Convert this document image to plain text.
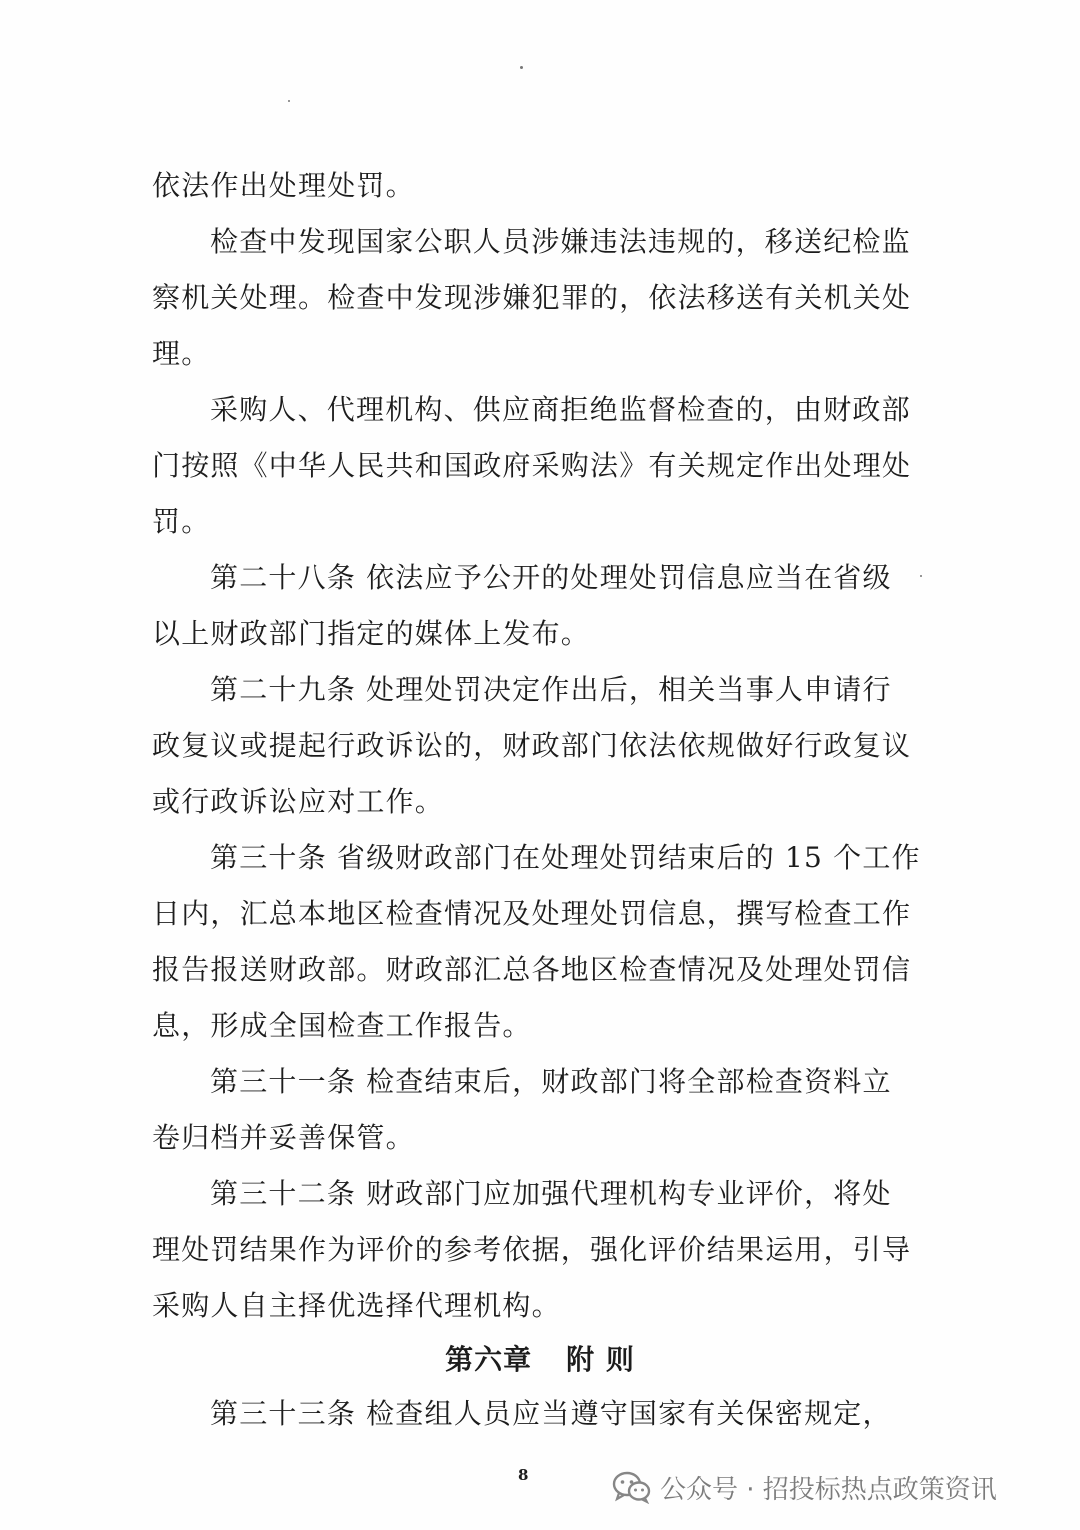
依法作出处理处罚。
检查中发现国家公职人员涉嫌违法违规的，移送纪检监
察机关处理。检查中发现涉嫌犯罪的，依法移送有关机关处
理。
采购人、代理机构、供应商拒绝监督检查的，由财政部
门按照《中华人民共和国政府采购法》有关规定作出处理处
罚。
第二十八条 依法应予公开的处理处罚信息应当在省级
以上财政部门指定的媒体上发布。
第二十九条 处理处罚决定作出后，相关当事人申请行
政复议或提起行政诉讼的，财政部门依法依规做好行政复议
或行政诉讼应对工作。
第三十条 省级财政部门在处理处罚结束后的 15 个工作
日内，汇总本地区检查情况及处理处罚信息，撰写检查工作
报告报送财政部。财政部汇总各地区检查情况及处理处罚信
息，形成全国检查工作报告。
第三十一条 检查结束后，财政部门将全部检查资料立
卷归档并妥善保管。
第三十二条 财政部门应加强代理机构专业评价，将处
理处罚结果作为评价的参考依据，强化评价结果运用，引导
采购人自主择优选择代理机构。
第六章 附 则
第三十三条 检查组人员应当遵守国家有关保密规定，
8	公众号 · 招投标热点政策资讯
